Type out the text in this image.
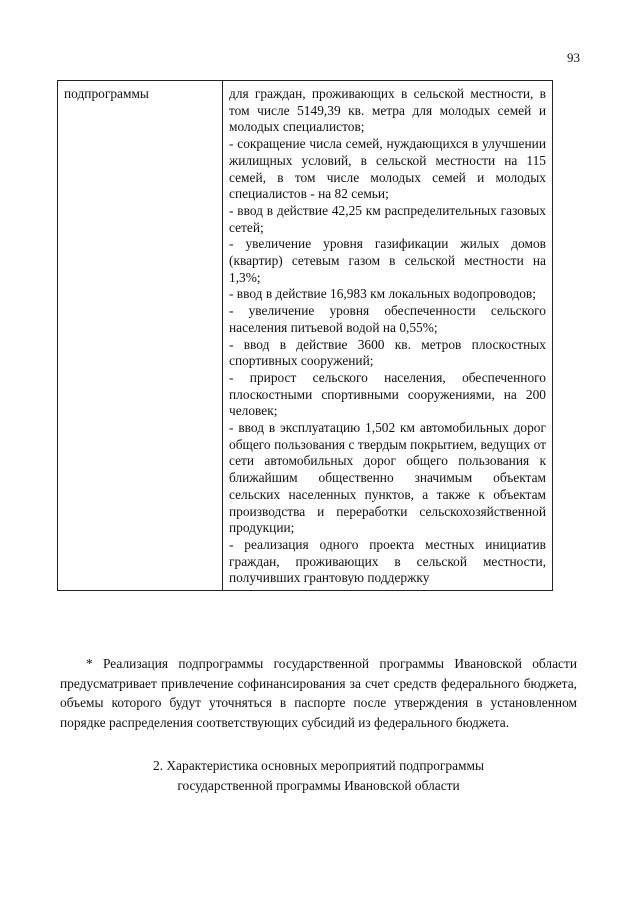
93
подпрограммы	для граждан, проживающих в сельской местности, в том числе 5149,39 кв. метра для молодых семей и молодых специалистов;
- сокращение числа семей, нуждающихся в улучшении жилищных условий, в сельской местности на 115 семей, в том числе молодых семей и молодых специалистов - на 82 семьи;
- ввод в действие 42,25 км распределительных газовых сетей;
- увеличение уровня газификации жилых домов (квартир) сетевым газом в сельской местности на 1,3%;
- ввод в действие 16,983 км локальных водопроводов;
- увеличение уровня обеспеченности сельского населения питьевой водой на 0,55%;
- ввод в действие 3600 кв. метров плоскостных спортивных сооружений;
- прирост сельского населения, обеспеченного плоскостными спортивными сооружениями, на 200 человек;
- ввод в эксплуатацию 1,502 км автомобильных дорог общего пользования с твердым покрытием, ведущих от сети автомобильных дорог общего пользования к ближайшим общественно значимым объектам сельских населенных пунктов, а также к объектам производства и переработки сельскохозяйственной продукции;
- реализация одного проекта местных инициатив граждан, проживающих в сельской местности, получивших грантовую поддержку

* Реализация подпрограммы государственной программы Ивановской области предусматривает привлечение софинансирования за счет средств федерального бюджета, объемы которого будут уточняться в паспорте после утверждения в установленном порядке распределения соответствующих субсидий из федерального бюджета.

2. Характеристика основных мероприятий подпрограммы
государственной программы Ивановской области
